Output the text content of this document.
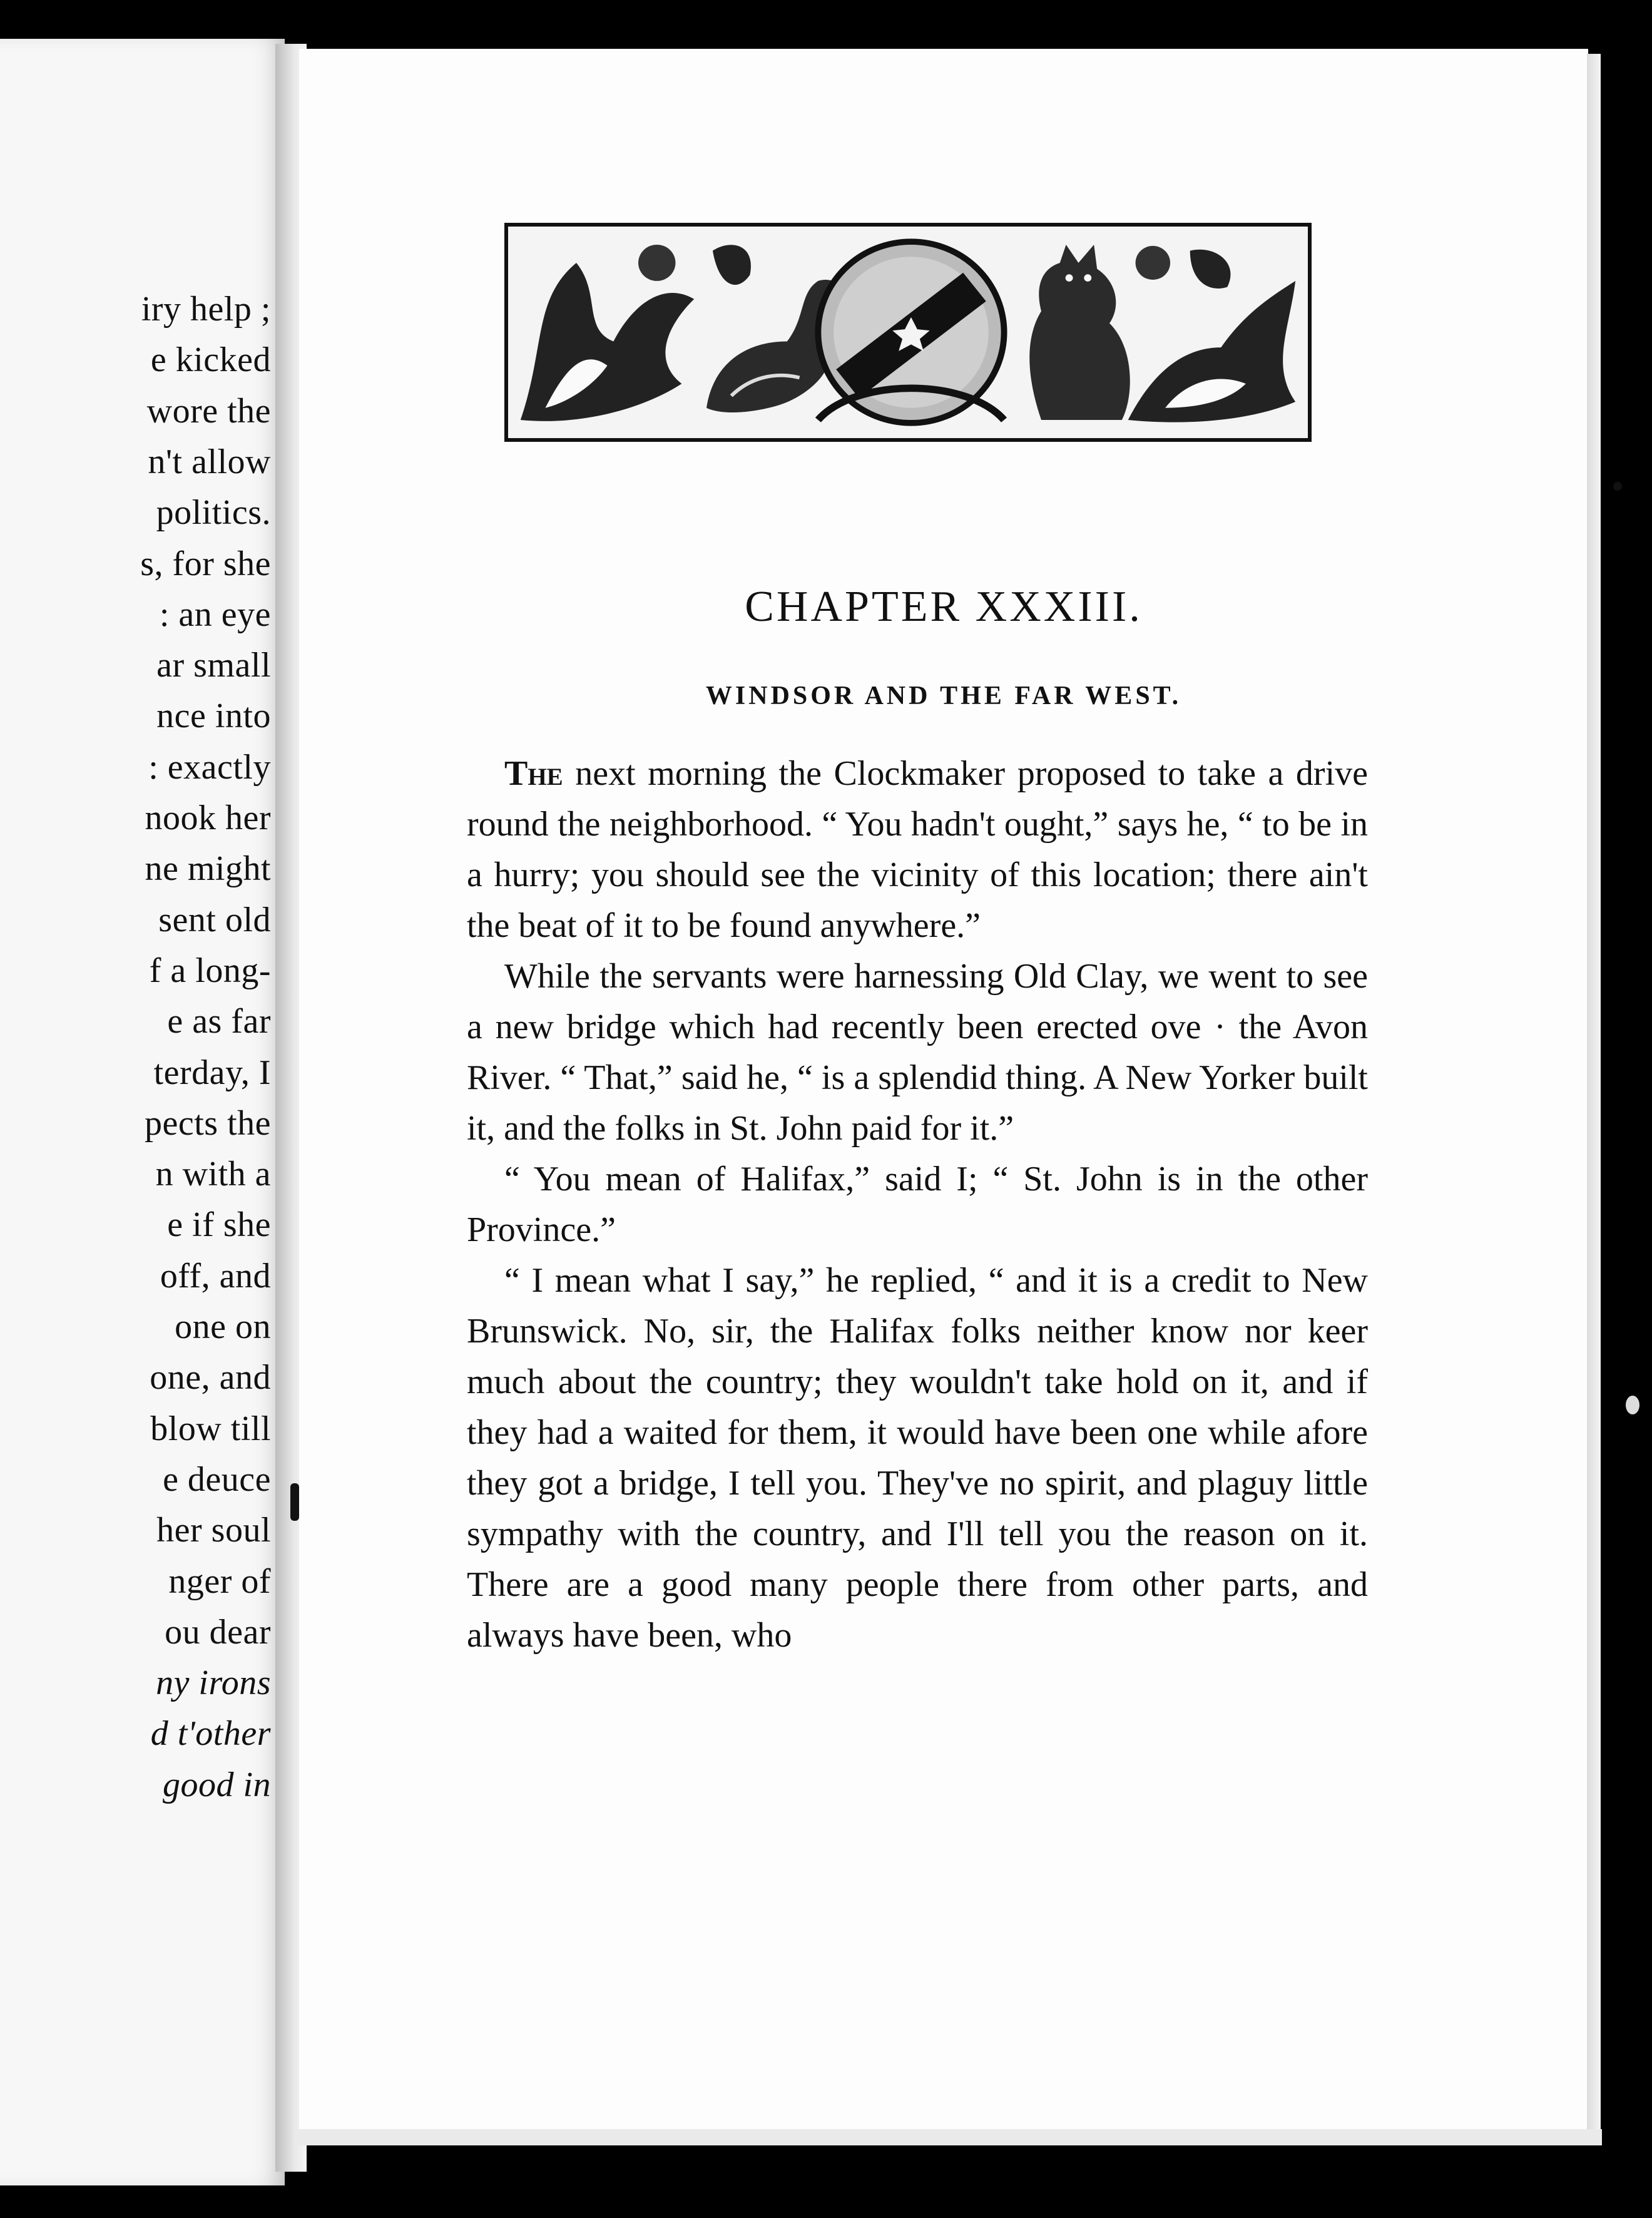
iry help ;
e kicked
wore the
n't allow
politics.
s, for she
: an eye
ar small
nce into
: exactly
nook her
ne might
sent old
f a long-
e as far
terday, I
pects the
n with a
e if she
off, and
one on
one, and
blow till
e deuce
her soul
nger of
ou dear
ny irons
d t'other
good in
CHAPTER XXXIII.
WINDSOR AND THE FAR WEST.

The next morning the Clockmaker proposed to take a drive round the neighborhood. “ You hadn't ought,” says he, “ to be in a hurry; you should see the vicinity of this location; there ain't the beat of it to be found anywhere.”

While the servants were harnessing Old Clay, we went to see a new bridge which had recently been erected ove · the Avon River. “ That,” said he, “ is a splendid thing. A New Yorker built it, and the folks in St. John paid for it.”

“ You mean of Halifax,” said I; “ St. John is in the other Province.”

“ I mean what I say,” he replied, “ and it is a credit to New Brunswick. No, sir, the Halifax folks neither know nor keer much about the country; they wouldn't take hold on it, and if they had a waited for them, it would have been one while afore they got a bridge, I tell you. They've no spirit, and plaguy little sympathy with the country, and I'll tell you the reason on it. There are a good many people there from other parts, and always have been, who
